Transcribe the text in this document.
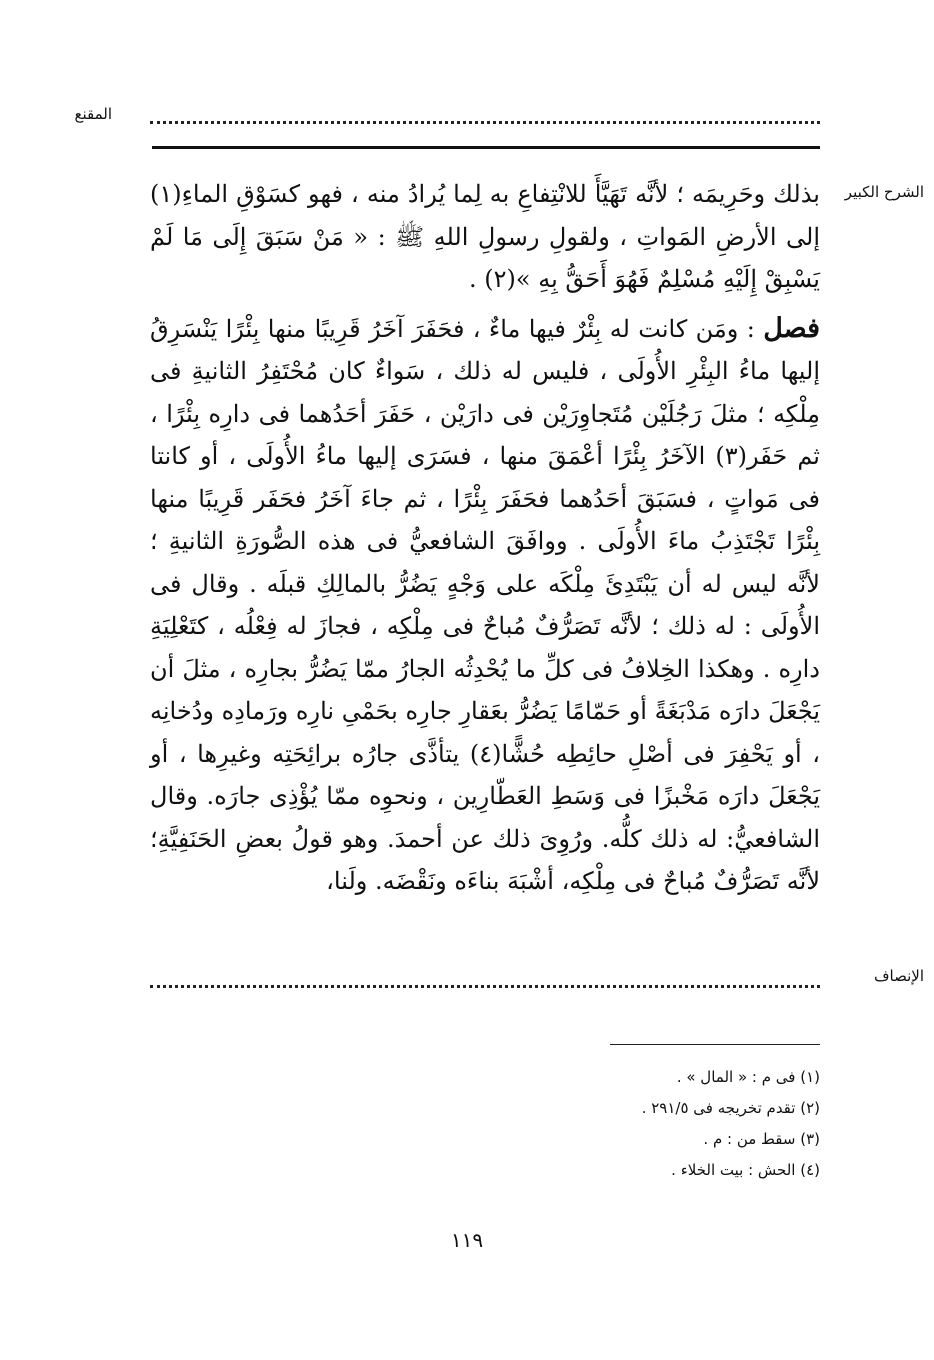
المقنع
الشرح الكبير

بذلك وحَرِيمَه ؛ لأنَّه تَهَيَّأَ للانْتِفاعِ به لِما يُرادُ منه ، فهو كسَوْقِ الماءِ(١) إلى الأرضِ المَواتِ ، ولقولِ رسولِ اللهِ ﷺ : « مَنْ سَبَقَ إِلَى مَا لَمْ يَسْبِقْ إِلَيْهِ مُسْلِمٌ فَهُوَ أَحَقُّ بِهِ »(٢) .

فصل : ومَن كانت له بِئْرٌ فيها ماءٌ ، فحَفَرَ آخَرُ قَرِيبًا منها بِئْرًا يَنْسَرِقُ إليها ماءُ البِئْرِ الأُولَى ، فليس له ذلك ، سَواءٌ كان مُحْتَفِرُ الثانيةِ فى مِلْكِه ؛ مثلَ رَجُلَيْن مُتَجاوِرَيْن فى دارَيْن ، حَفَرَ أحَدُهما فى دارِه بِئْرًا ، ثم حَفَر(٣) الآخَرُ بِئْرًا أعْمَقَ منها ، فسَرَى إليها ماءُ الأُولَى ، أو كانتا فى مَواتٍ ، فسَبَقَ أحَدُهما فحَفَرَ بِئْرًا ، ثم جاءَ آخَرُ فحَفَر قَرِيبًا منها بِئْرًا تَجْتَذِبُ ماءَ الأُولَى . ووافَقَ الشافعيُّ فى هذه الصُّورَةِ الثانيةِ ؛ لأنَّه ليس له أن يَبْتَدِئَ مِلْكَه على وَجْهٍ يَضُرُّ بالمالِكِ قبلَه . وقال فى الأُولَى : له ذلك ؛ لأنَّه تَصَرُّفٌ مُباحٌ فى مِلْكِه ، فجازَ له فِعْلُه ، كتَعْلِيَةِ دارِه . وهكذا الخِلافُ فى كلِّ ما يُحْدِثُه الجارُ ممّا يَضُرُّ بجارِه ، مثلَ أن يَجْعَلَ دارَه مَدْبَغَةً أو حَمّامًا يَضُرُّ بعَقارِ جارِه بحَمْىِ نارِه ورَمادِه ودُخانِه ، أو يَحْفِرَ فى أصْلِ حائِطِه حُشًّا(٤) يتأذَّى جارُه برائِحَتِه وغيرِها ، أو يَجْعَلَ دارَه مَخْبزًا فى وَسَطِ العَطّارِين ، ونحوِه ممّا يُؤْذِى جارَه. وقال الشافعيُّ: له ذلك كلُّه. ورُوِىَ ذلك عن أحمدَ. وهو قولُ بعضِ الحَنَفِيَّةِ؛ لأنَّه تَصَرُّفٌ مُباحٌ فى مِلْكِه، أشْبَهَ بناءَه ونَقْضَه. ولَنا،

الإنصاف

(١) فى م : « المال » .

(٢) تقدم تخريجه فى ٢٩١/٥ .

(٣) سقط من : م .

(٤) الحش : بيت الخلاء .

١١٩
